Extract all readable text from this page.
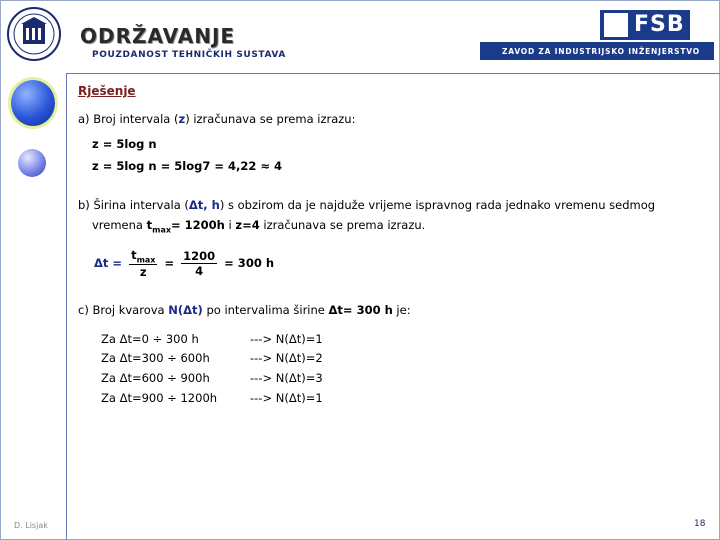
ODRŽAVANJE
POUZDANOST TEHNIČKIH SUSTAVA
FSB
ZAVOD ZA INDUSTRIJSKO INŽENJERSTVO
Rješenje
a) Broj intervala (z) izračunava se prema izrazu:
z = 5log n
z = 5log n = 5log7 = 4,22 ≈ 4
b) Širina intervala (Δt, h) s obzirom da je najduže vrijeme ispravnog rada jednako vremenu sedmog
vremena $t_{max}= 1200h$ i z=4 izračunava se prema izrazu.
$\Delta t = \frac{t_{max}}{z} = \frac{1200}{4} = 300$ h
c) Broj kvarova N(Δt) po intervalima širine Δt= 300 h je:
Za Δt=0 ÷ 300 h	---> N(Δt)=1
Za Δt=300 ÷ 600h	---> N(Δt)=2
Za Δt=600 ÷ 900h	---> N(Δt)=3
Za Δt=900 ÷ 1200h	---> N(Δt)=1
D. Lisjak	18
